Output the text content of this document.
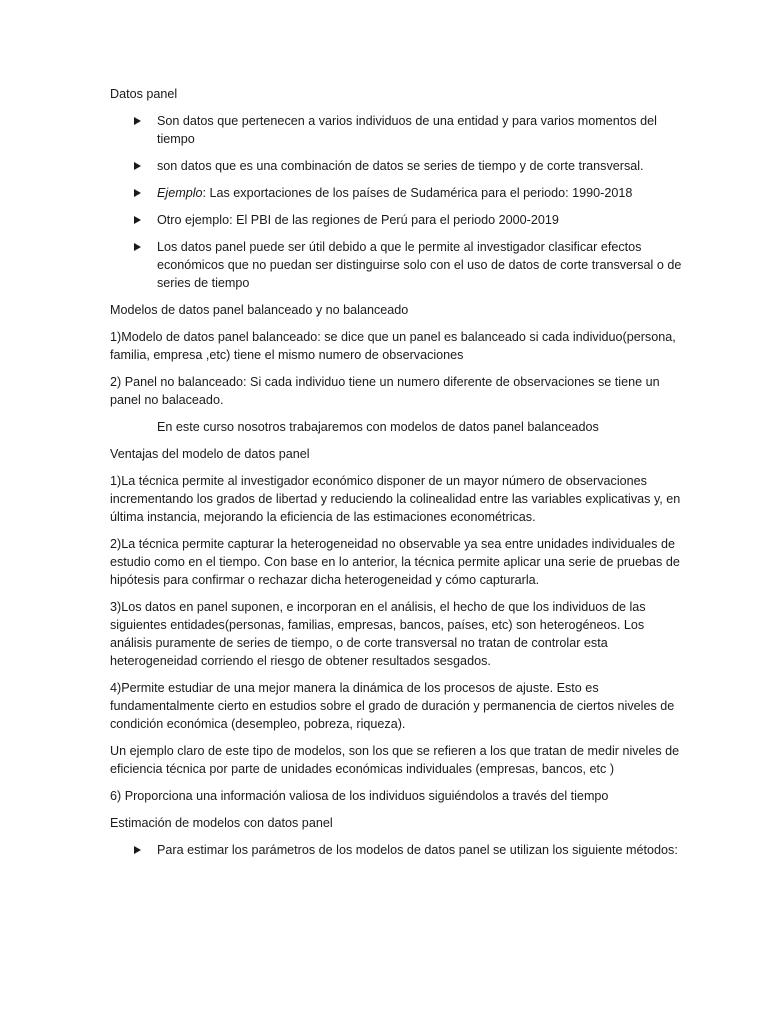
Datos panel

Son datos que pertenecen a varios individuos de una entidad y para varios momentos del tiempo
son datos que es una combinación de datos se series de tiempo y de corte transversal.
Ejemplo: Las exportaciones de los países de Sudamérica para el periodo: 1990-2018
Otro ejemplo: El PBI de las regiones de Perú para el periodo 2000-2019
Los datos panel puede ser útil debido a que le permite al investigador clasificar efectos económicos que no puedan ser distinguirse solo con el uso de datos de corte transversal o de series de tiempo

Modelos de datos panel balanceado y no balanceado

1)Modelo de datos panel balanceado: se dice que un panel es balanceado si cada individuo(persona, familia, empresa ,etc) tiene el mismo numero de observaciones

2) Panel no balanceado: Si cada individuo tiene un numero diferente de observaciones se tiene un panel no balaceado.

En este curso nosotros trabajaremos con modelos de datos panel balanceados

Ventajas del modelo de datos panel

1)La técnica permite al investigador económico disponer de un mayor número de observaciones incrementando los grados de libertad y reduciendo la colinealidad entre las variables explicativas y, en última instancia, mejorando la eficiencia de las estimaciones econométricas.

2)La técnica permite capturar la heterogeneidad no observable ya sea entre unidades individuales de estudio como en el tiempo. Con base en lo anterior, la técnica permite aplicar una serie de pruebas de hipótesis para confirmar o rechazar dicha heterogeneidad y cómo capturarla.

3)Los datos en panel suponen, e incorporan en el análisis, el hecho de que los individuos de las siguientes entidades(personas, familias, empresas, bancos, países, etc) son heterogéneos. Los análisis puramente de series de tiempo, o de corte transversal no tratan de controlar esta heterogeneidad corriendo el riesgo de obtener resultados sesgados.

4)Permite estudiar de una mejor manera la dinámica de los procesos de ajuste. Esto es fundamentalmente cierto en estudios sobre el grado de duración y permanencia de ciertos niveles de condición económica (desempleo, pobreza, riqueza).

Un ejemplo claro de este tipo de modelos, son los que se refieren a los que tratan de medir niveles de eficiencia técnica por parte de unidades económicas individuales (empresas, bancos, etc )

6) Proporciona una información valiosa de los individuos siguiéndolos a través del tiempo

Estimación de modelos con datos panel

Para estimar los parámetros de los modelos de datos panel se utilizan los siguiente métodos:
